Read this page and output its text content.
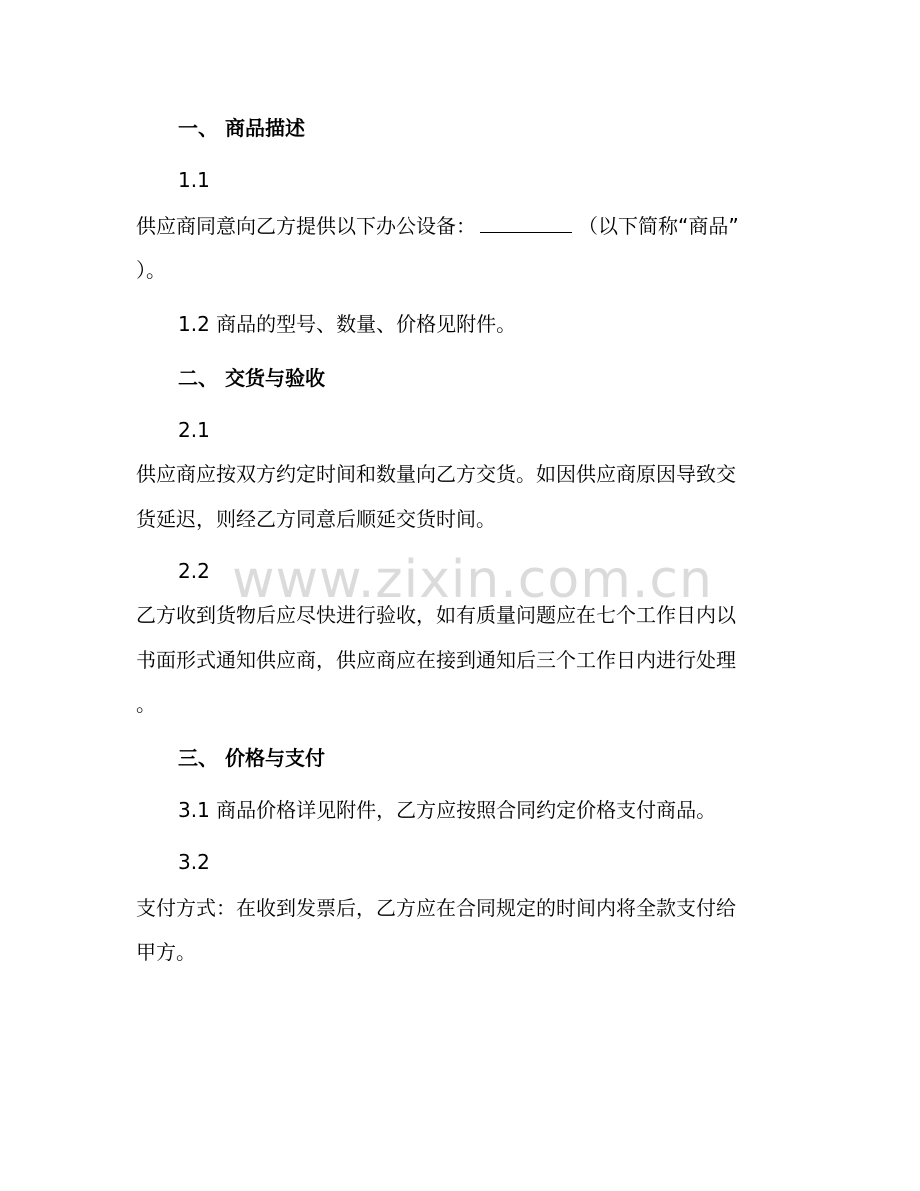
www.zixin.com.cn
一、 商品描述
1.1
供应商同意向乙方提供以下办公设备：	（以下简称“商品”
）。
1.2 商品的型号、数量、价格见附件。
二、 交货与验收
2.1
供应商应按双方约定时间和数量向乙方交货。如因供应商原因导致交
货延迟，则经乙方同意后顺延交货时间。
2.2
乙方收到货物后应尽快进行验收，如有质量问题应在七个工作日内以
书面形式通知供应商，供应商应在接到通知后三个工作日内进行处理
。
三、 价格与支付
3.1 商品价格详见附件，乙方应按照合同约定价格支付商品。
3.2
支付方式：在收到发票后，乙方应在合同规定的时间内将全款支付给
甲方。
